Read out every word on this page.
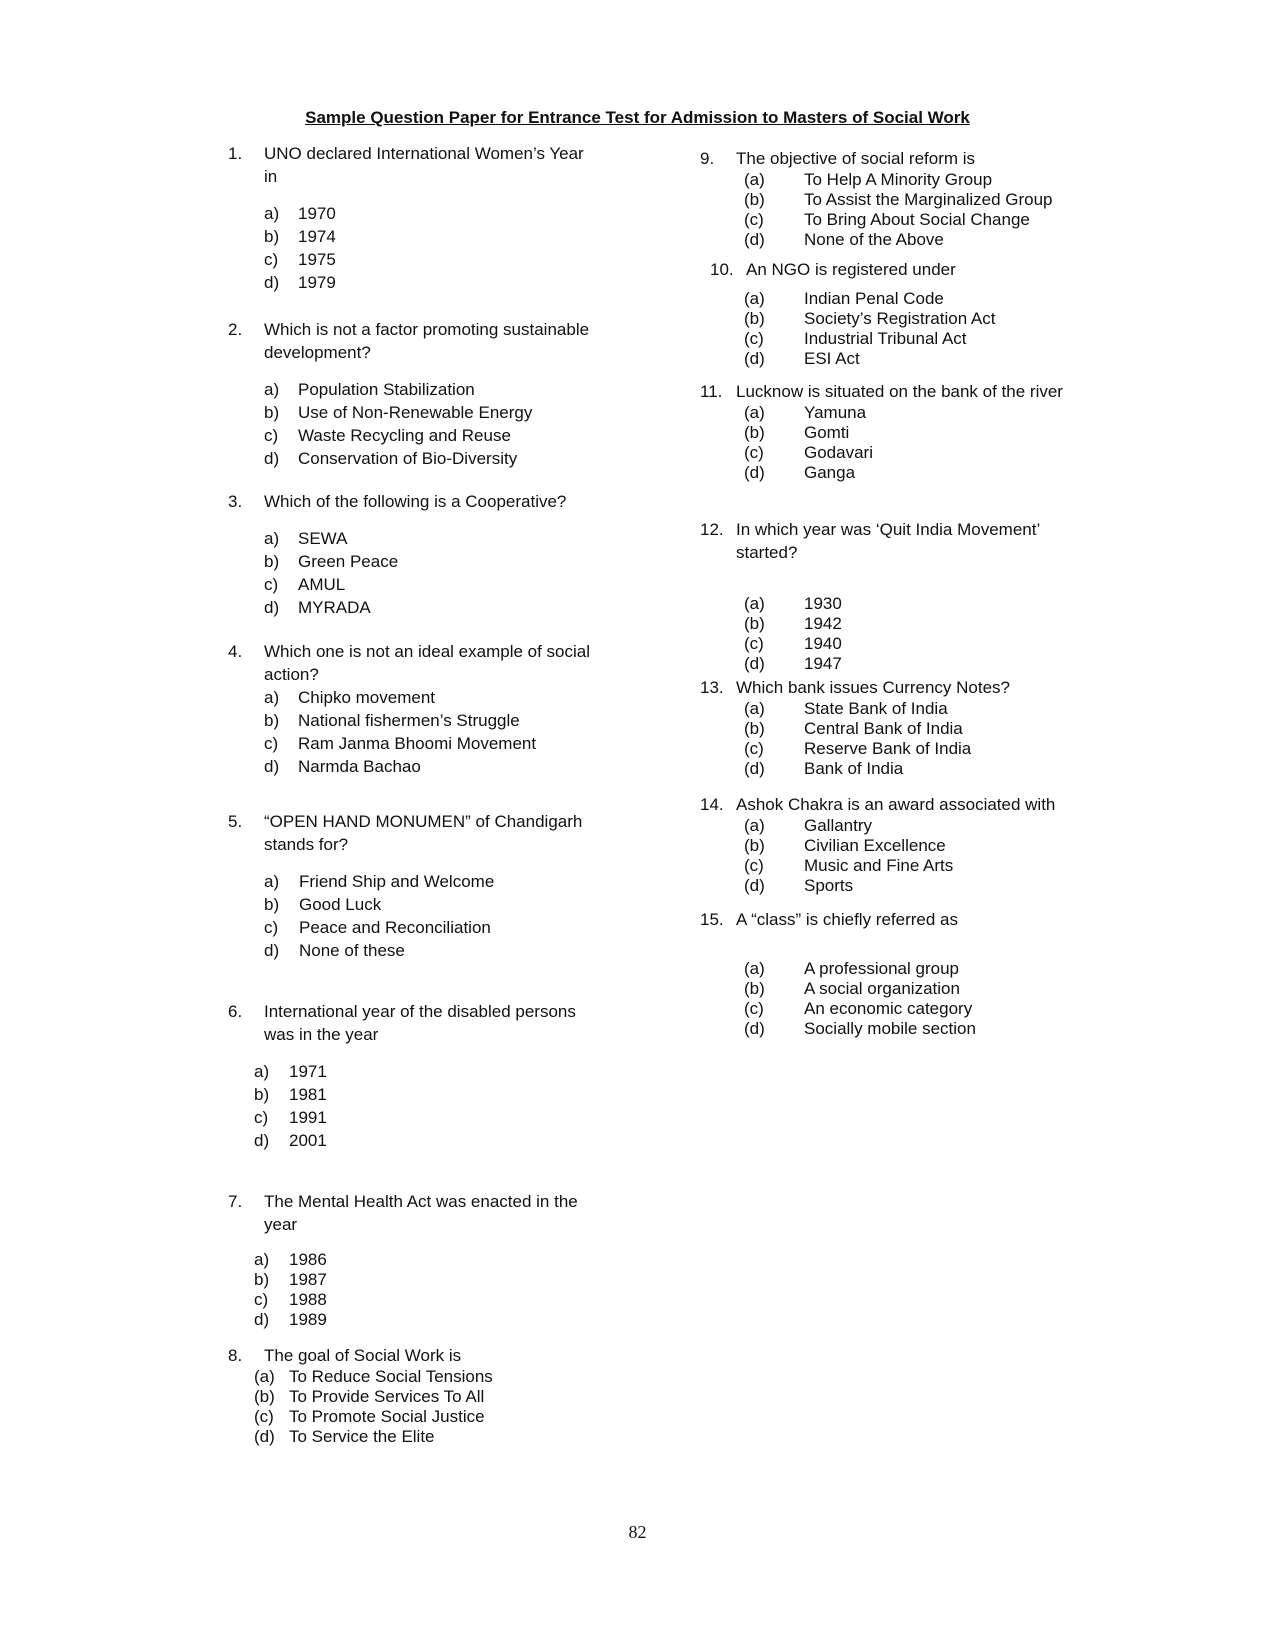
Sample Question Paper for Entrance Test for Admission to Masters of Social Work
1. UNO declared International Women’s Year in
a) 1970
b) 1974
c) 1975
d) 1979
2. Which is not a factor promoting sustainable development?
a) Population Stabilization
b) Use of Non-Renewable Energy
c) Waste Recycling and Reuse
d) Conservation of Bio-Diversity
3. Which of the following is a Cooperative?
a) SEWA
b) Green Peace
c) AMUL
d) MYRADA
4. Which one is not an ideal example of social action?
a) Chipko movement
b) National fishermen’s Struggle
c) Ram Janma Bhoomi Movement
d) Narmda Bachao
5. “OPEN HAND MONUMEN” of Chandigarh stands for?
a) Friend Ship and Welcome
b) Good Luck
c) Peace and Reconciliation
d) None of these
6. International year of the disabled persons was in the year
a) 1971
b) 1981
c) 1991
d) 2001
7. The Mental Health Act was enacted in the year
a) 1986
b) 1987
c) 1988
d) 1989
8. The goal of Social Work is
(a) To Reduce Social Tensions
(b) To Provide Services To All
(c) To Promote Social Justice
(d) To Service the Elite
9. The objective of social reform is
(a) To Help A Minority Group
(b) To Assist the Marginalized Group
(c) To Bring About Social Change
(d) None of the Above
10. An NGO is registered under
(a) Indian Penal Code
(b) Society’s Registration Act
(c) Industrial Tribunal Act
(d) ESI Act
11. Lucknow is situated on the bank of the river
(a) Yamuna
(b) Gomti
(c) Godavari
(d) Ganga
12. In which year was ‘Quit India Movement’ started?
(a) 1930
(b) 1942
(c) 1940
(d) 1947
13. Which bank issues Currency Notes?
(a) State Bank of India
(b) Central Bank of India
(c) Reserve Bank of India
(d) Bank of India
14. Ashok Chakra is an award associated with
(a) Gallantry
(b) Civilian Excellence
(c) Music and Fine Arts
(d) Sports
15. A “class” is chiefly referred as
(a) A professional group
(b) A social organization
(c) An economic category
(d) Socially mobile section
82
